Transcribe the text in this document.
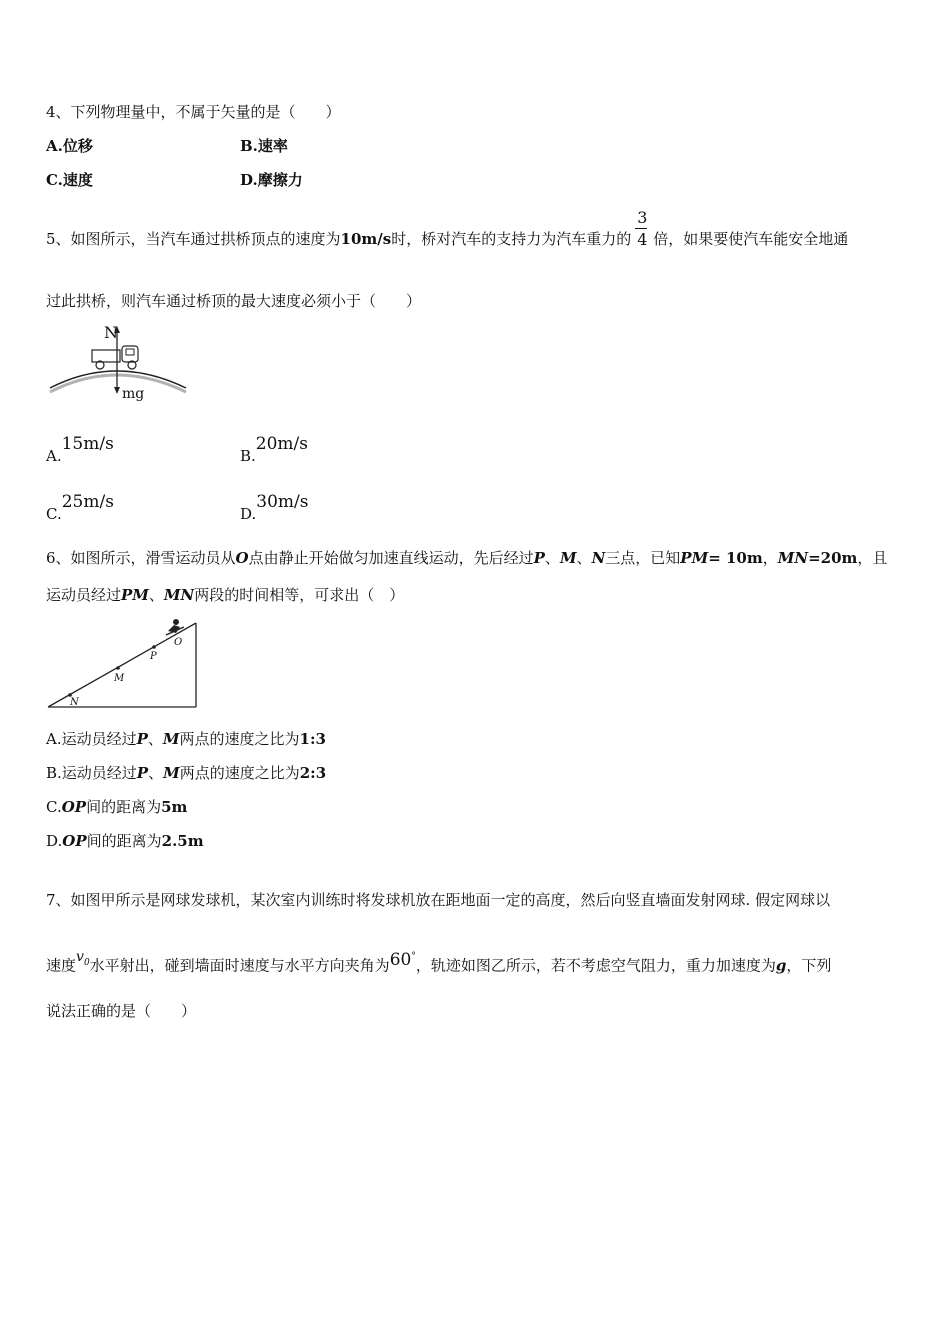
4、下列物理量中，不属于矢量的是（　　）
A.位移	B.速率
C.速度	D.摩擦力
5、如图所示，当汽车通过拱桥顶点的速度为10m/s时，桥对汽车的支持力为汽车重力的 $\frac{3}{4}$ 倍，如果要使汽车能安全地通
过此拱桥，则汽车通过桥顶的最大速度必须小于（　　）
N
mg
A.15m/s
B.20m/s
C.25m/s
D.30m/s
6、如图所示，滑雪运动员从O点由静止开始做匀加速直线运动，先后经过P、M、N三点，已知PM= 10m，MN=20m，且
运动员经过PM、MN两段的时间相等，可求出（　）
N
M
P
O
A.运动员经过P、M两点的速度之比为1:3
B.运动员经过P、M两点的速度之比为2:3
C.OP间的距离为5m
D.OP间的距离为2.5m
7、如图甲所示是网球发球机，某次室内训练时将发球机放在距地面一定的高度，然后向竖直墙面发射网球. 假定网球以
速度$v_0$水平射出，碰到墙面时速度与水平方向夹角为60°，轨迹如图乙所示，若不考虑空气阻力，重力加速度为g，下列
说法正确的是（　　）
